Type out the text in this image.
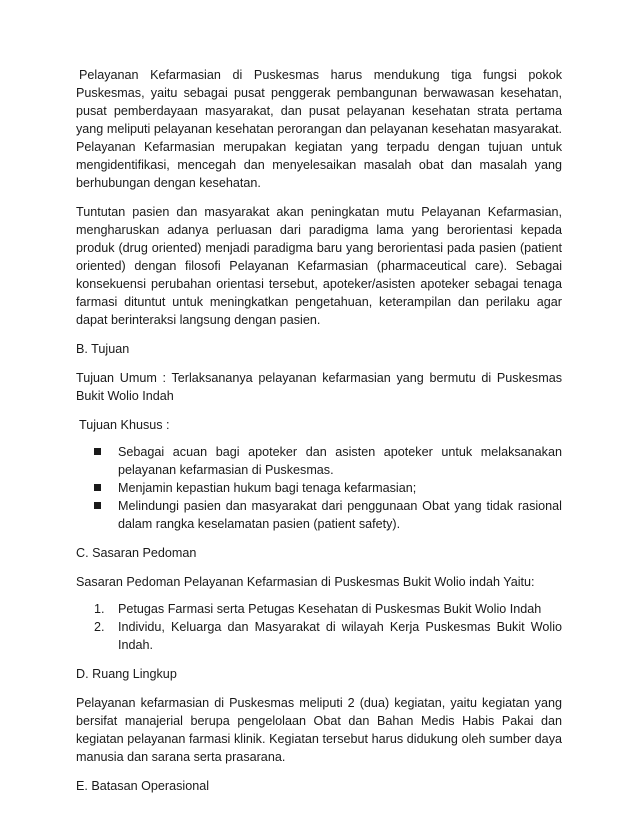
Pelayanan Kefarmasian di Puskesmas harus mendukung tiga fungsi pokok Puskesmas, yaitu sebagai pusat penggerak pembangunan berwawasan kesehatan, pusat pemberdayaan masyarakat, dan pusat pelayanan kesehatan strata pertama yang meliputi pelayanan kesehatan perorangan dan pelayanan kesehatan masyarakat. Pelayanan Kefarmasian merupakan kegiatan yang terpadu dengan tujuan untuk mengidentifikasi, mencegah dan menyelesaikan masalah obat dan masalah yang berhubungan dengan kesehatan.

Tuntutan pasien dan masyarakat akan peningkatan mutu Pelayanan Kefarmasian, mengharuskan adanya perluasan dari paradigma lama yang berorientasi kepada produk (drug oriented) menjadi paradigma baru yang berorientasi pada pasien (patient oriented) dengan filosofi Pelayanan Kefarmasian (pharmaceutical care). Sebagai konsekuensi perubahan orientasi tersebut, apoteker/asisten apoteker sebagai tenaga farmasi dituntut untuk meningkatkan pengetahuan, keterampilan dan perilaku agar dapat berinteraksi langsung dengan pasien.

B. Tujuan

Tujuan Umum : Terlaksananya pelayanan kefarmasian yang bermutu di Puskesmas Bukit Wolio Indah

Tujuan Khusus :

Sebagai acuan bagi apoteker dan asisten apoteker untuk melaksanakan pelayanan kefarmasian di Puskesmas.
Menjamin kepastian hukum bagi tenaga kefarmasian;
Melindungi pasien dan masyarakat dari penggunaan Obat yang tidak rasional dalam rangka keselamatan pasien (patient safety).

C. Sasaran Pedoman

Sasaran Pedoman Pelayanan Kefarmasian di Puskesmas Bukit Wolio indah Yaitu:

1. Petugas Farmasi serta Petugas Kesehatan di Puskesmas Bukit Wolio Indah
2. Individu, Keluarga dan Masyarakat di wilayah Kerja Puskesmas Bukit Wolio Indah.

D. Ruang Lingkup

Pelayanan kefarmasian di Puskesmas meliputi 2 (dua) kegiatan, yaitu kegiatan yang bersifat manajerial berupa pengelolaan Obat dan Bahan Medis Habis Pakai dan kegiatan pelayanan farmasi klinik. Kegiatan tersebut harus didukung oleh sumber daya manusia dan sarana serta prasarana.

E. Batasan Operasional
